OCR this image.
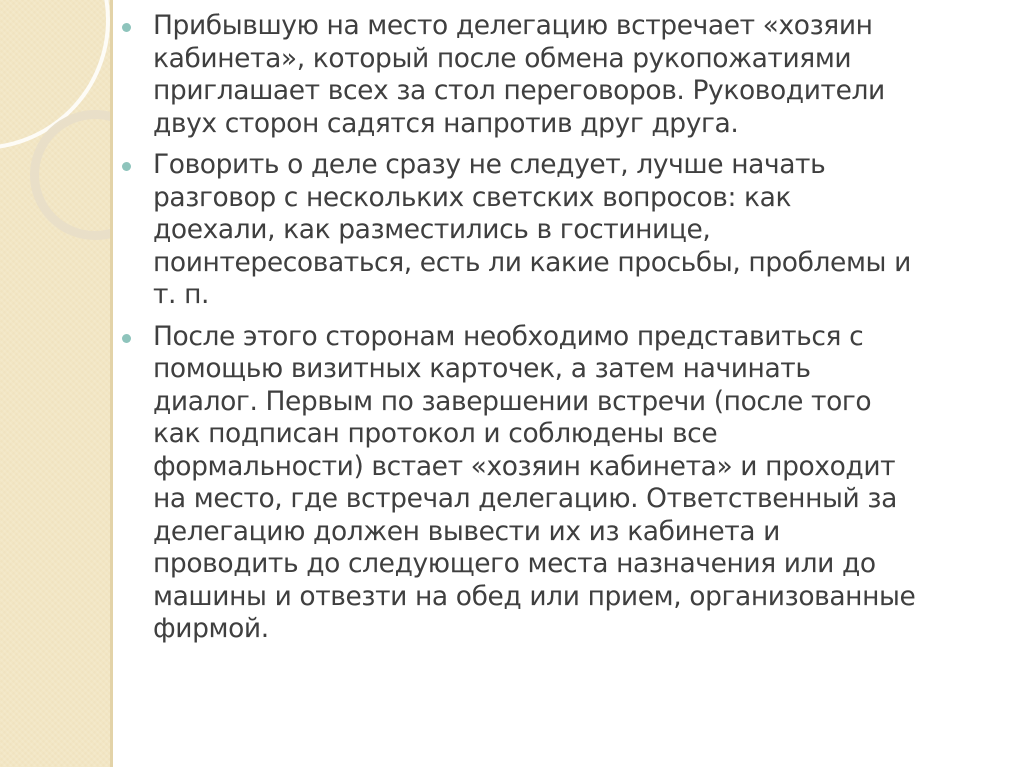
Прибывшую на место делегацию встречает «хозяин
кабинета», который после обмена рукопожатиями
приглашает всех за стол переговоров. Руководители
двух сторон садятся напротив друг друга.
Говорить о деле сразу не следует, лучше начать
разговор с нескольких светских вопросов: как
доехали, как разместились в гостинице,
поинтересоваться, есть ли какие просьбы, проблемы и
т. п.
После этого сторонам необходимо представиться с
помощью визитных карточек, а затем начинать
диалог. Первым по завершении встречи (после того
как подписан протокол и соблюдены все
формальности) встает «хозяин кабинета» и проходит
на место, где встречал делегацию. Ответственный за
делегацию должен вывести их из кабинета и
проводить до следующего места назначения или до
машины и отвезти на обед или прием, организованные
фирмой.
